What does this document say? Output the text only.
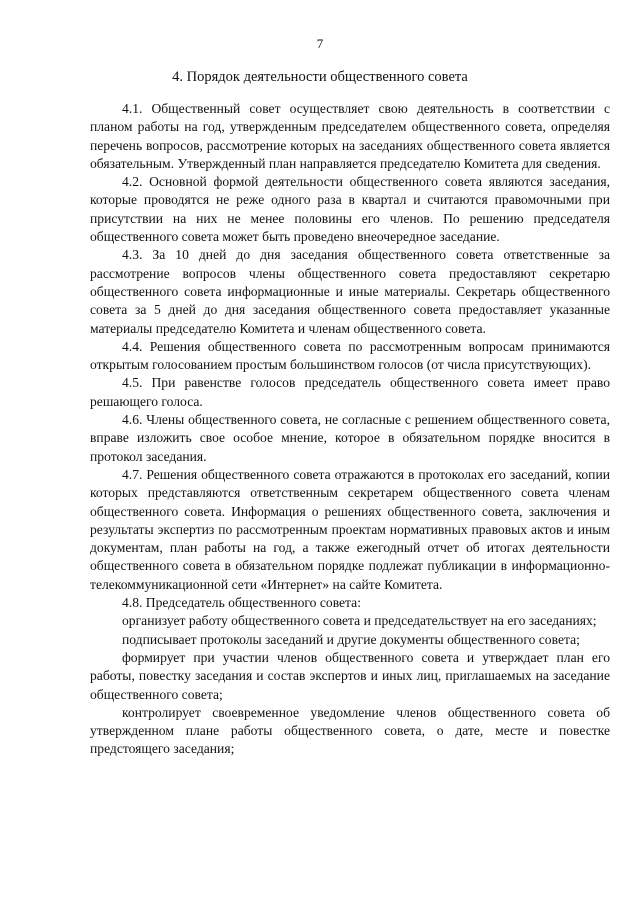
7
4. Порядок деятельности общественного совета

4.1. Общественный совет осуществляет свою деятельность в соответствии с планом работы на год, утвержденным председателем общественного совета, определяя перечень вопросов, рассмотрение которых на заседаниях общественного совета является обязательным. Утвержденный план направляется председателю Комитета для сведения.

4.2. Основной формой деятельности общественного совета являются заседания, которые проводятся не реже одного раза в квартал и считаются правомочными при присутствии на них не менее половины его членов. По решению председателя общественного совета может быть проведено внеочередное заседание.

4.3. За 10 дней до дня заседания общественного совета ответственные за рассмотрение вопросов члены общественного совета предоставляют секретарю общественного совета информационные и иные материалы. Секретарь общественного совета за 5 дней до дня заседания общественного совета предоставляет указанные материалы председателю Комитета и членам общественного совета.

4.4. Решения общественного совета по рассмотренным вопросам принимаются открытым голосованием простым большинством голосов (от числа присутствующих).

4.5. При равенстве голосов председатель общественного совета имеет право решающего голоса.

4.6. Члены общественного совета, не согласные с решением общественного совета, вправе изложить свое особое мнение, которое в обязательном порядке вносится в протокол заседания.

4.7. Решения общественного совета отражаются в протоколах его заседаний, копии которых представляются ответственным секретарем общественного совета членам общественного совета. Информация о решениях общественного совета, заключения и результаты экспертиз по рассмотренным проектам нормативных правовых актов и иным документам, план работы на год, а также ежегодный отчет об итогах деятельности общественного совета в обязательном порядке подлежат публикации в информационно-телекоммуникационной сети «Интернет» на сайте Комитета.

4.8. Председатель общественного совета:

организует работу общественного совета и председательствует на его заседаниях;

подписывает протоколы заседаний и другие документы общественного совета;

формирует при участии членов общественного совета и утверждает план его работы, повестку заседания и состав экспертов и иных лиц, приглашаемых на заседание общественного совета;

контролирует своевременное уведомление членов общественного совета об утвержденном плане работы общественного совета, о дате, месте и повестке предстоящего заседания;
